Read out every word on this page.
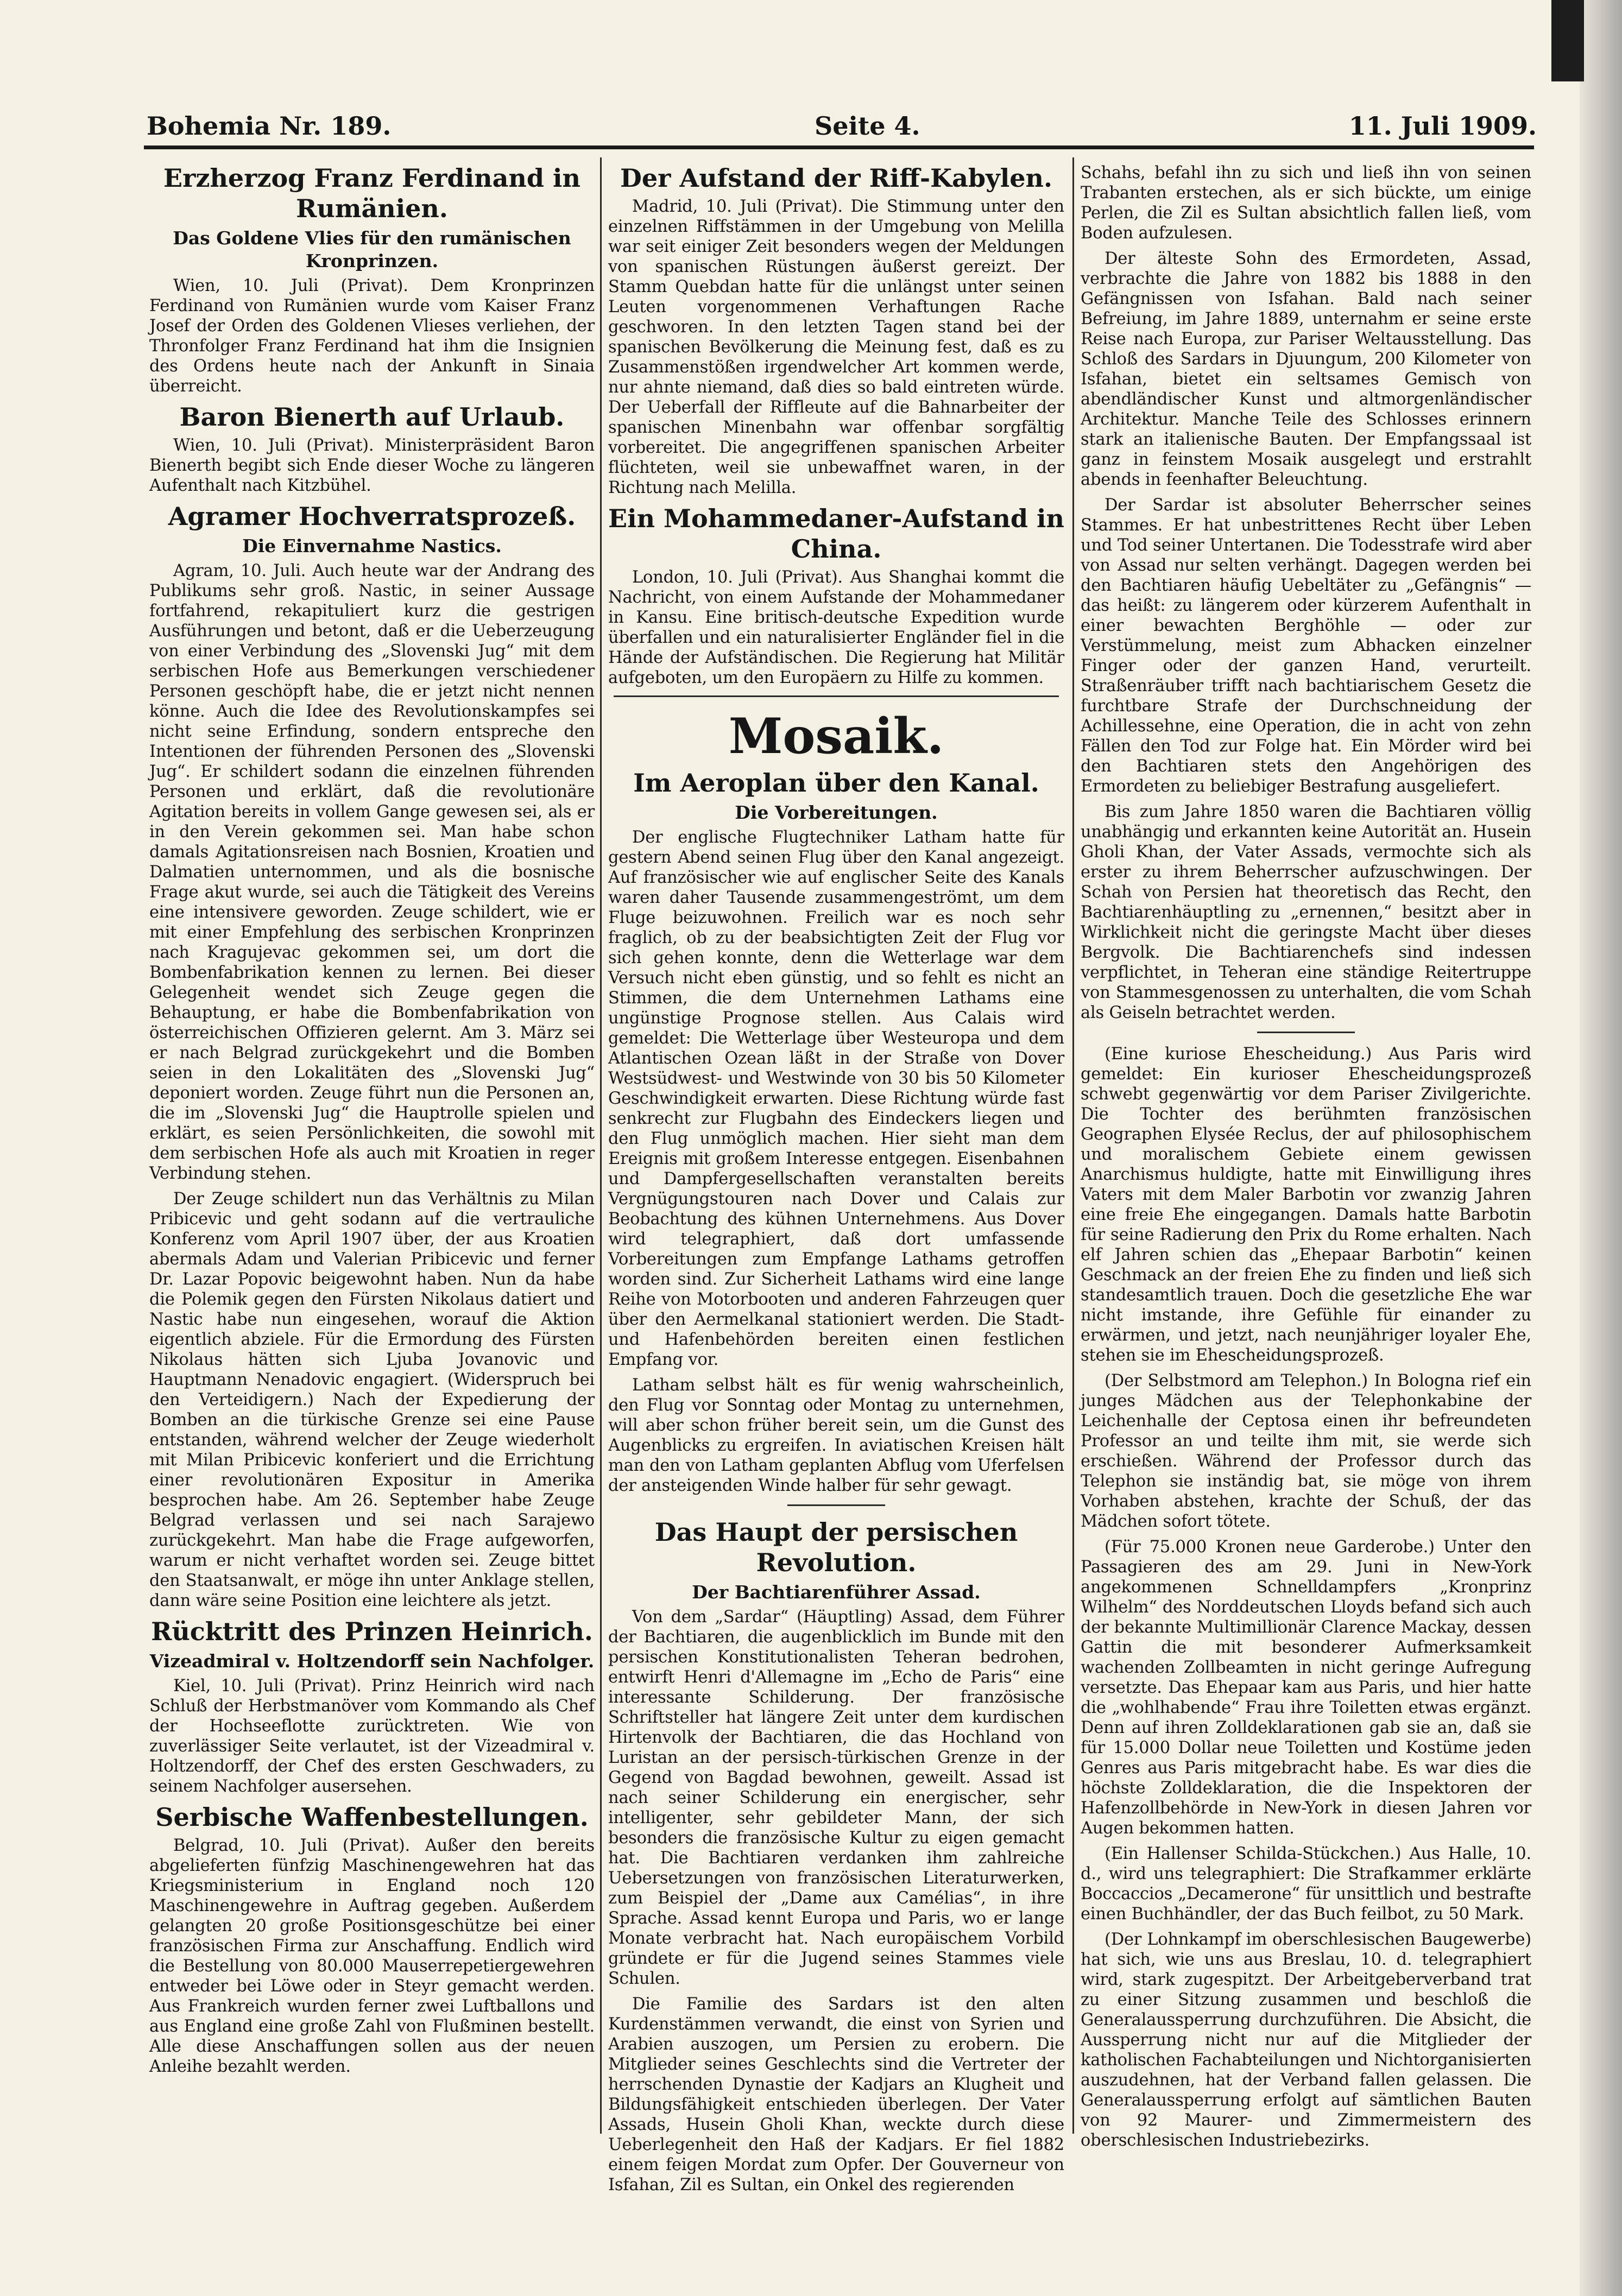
Bohemia Nr. 189.	Seite 4.	11. Juli 1909.
Erzherzog Franz Ferdinand in Rumänien.
Das Goldene Vlies für den rumänischen Kronprinzen.

Wien, 10. Juli (Privat). Dem Kronprinzen Ferdinand von Rumänien wurde vom Kaiser Franz Josef der Orden des Goldenen Vlieses verliehen, der Thronfolger Franz Ferdinand hat ihm die Insignien des Ordens heute nach der Ankunft in Sinaia überreicht.

Baron Bienerth auf Urlaub.

Wien, 10. Juli (Privat). Ministerpräsident Baron Bienerth begibt sich Ende dieser Woche zu längeren Aufenthalt nach Kitzbühel.

Agramer Hochverratsprozeß.
Die Einvernahme Nastics.

Agram, 10. Juli. Auch heute war der Andrang des Publikums sehr groß. Nastic, in seiner Aussage fortfahrend, rekapituliert kurz die gestrigen Ausführungen und betont, daß er die Ueberzeugung von einer Verbindung des „Slovenski Jug“ mit dem serbischen Hofe aus Bemerkungen verschiedener Personen geschöpft habe, die er jetzt nicht nennen könne. Auch die Idee des Revolutionskampfes sei nicht seine Erfindung, sondern entspreche den Intentionen der führenden Personen des „Slovenski Jug“. Er schildert sodann die einzelnen führenden Personen und erklärt, daß die revolutionäre Agitation bereits in vollem Gange gewesen sei, als er in den Verein gekommen sei. Man habe schon damals Agitationsreisen nach Bosnien, Kroatien und Dalmatien unternommen, und als die bosnische Frage akut wurde, sei auch die Tätigkeit des Vereins eine intensivere geworden. Zeuge schildert, wie er mit einer Empfehlung des serbischen Kronprinzen nach Kragujevac gekommen sei, um dort die Bombenfabrikation kennen zu lernen. Bei dieser Gelegenheit wendet sich Zeuge gegen die Behauptung, er habe die Bombenfabrikation von österreichischen Offizieren gelernt. Am 3. März sei er nach Belgrad zurückgekehrt und die Bomben seien in den Lokalitäten des „Slovenski Jug“ deponiert worden. Zeuge führt nun die Personen an, die im „Slovenski Jug“ die Hauptrolle spielen und erklärt, es seien Persönlichkeiten, die sowohl mit dem serbischen Hofe als auch mit Kroatien in reger Verbindung stehen.

Der Zeuge schildert nun das Verhältnis zu Milan Pribicevic und geht sodann auf die vertrauliche Konferenz vom April 1907 über, der aus Kroatien abermals Adam und Valerian Pribicevic und ferner Dr. Lazar Popovic beigewohnt haben. Nun da habe die Polemik gegen den Fürsten Nikolaus datiert und Nastic habe nun eingesehen, worauf die Aktion eigentlich abziele. Für die Ermordung des Fürsten Nikolaus hätten sich Ljuba Jovanovic und Hauptmann Nenadovic engagiert. (Widerspruch bei den Verteidigern.) Nach der Expedierung der Bomben an die türkische Grenze sei eine Pause entstanden, während welcher der Zeuge wiederholt mit Milan Pribicevic konferiert und die Errichtung einer revolutionären Expositur in Amerika besprochen habe. Am 26. September habe Zeuge Belgrad verlassen und sei nach Sarajewo zurückgekehrt. Man habe die Frage aufgeworfen, warum er nicht verhaftet worden sei. Zeuge bittet den Staatsanwalt, er möge ihn unter Anklage stellen, dann wäre seine Position eine leichtere als jetzt.

Rücktritt des Prinzen Heinrich.
Vizeadmiral v. Holtzendorff sein Nachfolger.

Kiel, 10. Juli (Privat). Prinz Heinrich wird nach Schluß der Herbstmanöver vom Kommando als Chef der Hochseeflotte zurücktreten. Wie von zuverlässiger Seite verlautet, ist der Vizeadmiral v. Holtzendorff, der Chef des ersten Geschwaders, zu seinem Nachfolger ausersehen.

Serbische Waffenbestellungen.

Belgrad, 10. Juli (Privat). Außer den bereits abgelieferten fünfzig Maschinengewehren hat das Kriegsministerium in England noch 120 Maschinengewehre in Auftrag gegeben. Außerdem gelangten 20 große Positionsgeschütze bei einer französischen Firma zur Anschaffung. Endlich wird die Bestellung von 80.000 Mauserrepetiergewehren entweder bei Löwe oder in Steyr gemacht werden. Aus Frankreich wurden ferner zwei Luftballons und aus England eine große Zahl von Flußminen bestellt. Alle diese Anschaffungen sollen aus der neuen Anleihe bezahlt werden.

Der Aufstand der Riff-Kabylen.

Madrid, 10. Juli (Privat). Die Stimmung unter den einzelnen Riffstämmen in der Umgebung von Melilla war seit einiger Zeit besonders wegen der Meldungen von spanischen Rüstungen äußerst gereizt. Der Stamm Quebdan hatte für die unlängst unter seinen Leuten vorgenommenen Verhaftungen Rache geschworen. In den letzten Tagen stand bei der spanischen Bevölkerung die Meinung fest, daß es zu Zusammenstößen irgendwelcher Art kommen werde, nur ahnte niemand, daß dies so bald eintreten würde. Der Ueberfall der Riffleute auf die Bahnarbeiter der spanischen Minenbahn war offenbar sorgfältig vorbereitet. Die angegriffenen spanischen Arbeiter flüchteten, weil sie unbewaffnet waren, in der Richtung nach Melilla.

Ein Mohammedaner-Aufstand in China.

London, 10. Juli (Privat). Aus Shanghai kommt die Nachricht, von einem Aufstande der Mohammedaner in Kansu. Eine britisch-deutsche Expedition wurde überfallen und ein naturalisierter Engländer fiel in die Hände der Aufständischen. Die Regierung hat Militär aufgeboten, um den Europäern zu Hilfe zu kommen.

Mosaik.
Im Aeroplan über den Kanal.
Die Vorbereitungen.

Der englische Flugtechniker Latham hatte für gestern Abend seinen Flug über den Kanal angezeigt. Auf französischer wie auf englischer Seite des Kanals waren daher Tausende zusammengeströmt, um dem Fluge beizuwohnen. Freilich war es noch sehr fraglich, ob zu der beabsichtigten Zeit der Flug vor sich gehen konnte, denn die Wetterlage war dem Versuch nicht eben günstig, und so fehlt es nicht an Stimmen, die dem Unternehmen Lathams eine ungünstige Prognose stellen. Aus Calais wird gemeldet: Die Wetterlage über Westeuropa und dem Atlantischen Ozean läßt in der Straße von Dover Westsüdwest- und Westwinde von 30 bis 50 Kilometer Geschwindigkeit erwarten. Diese Richtung würde fast senkrecht zur Flugbahn des Eindeckers liegen und den Flug unmöglich machen. Hier sieht man dem Ereignis mit großem Interesse entgegen. Eisenbahnen und Dampfergesellschaften veranstalten bereits Vergnügungstouren nach Dover und Calais zur Beobachtung des kühnen Unternehmens. Aus Dover wird telegraphiert, daß dort umfassende Vorbereitungen zum Empfange Lathams getroffen worden sind. Zur Sicherheit Lathams wird eine lange Reihe von Motorbooten und anderen Fahrzeugen quer über den Aermelkanal stationiert werden. Die Stadt- und Hafenbehörden bereiten einen festlichen Empfang vor.

Latham selbst hält es für wenig wahrscheinlich, den Flug vor Sonntag oder Montag zu unternehmen, will aber schon früher bereit sein, um die Gunst des Augenblicks zu ergreifen. In aviatischen Kreisen hält man den von Latham geplanten Abflug vom Uferfelsen der ansteigenden Winde halber für sehr gewagt.

Das Haupt der persischen Revolution.
Der Bachtiarenführer Assad.

Von dem „Sardar“ (Häuptling) Assad, dem Führer der Bachtiaren, die augenblicklich im Bunde mit den persischen Konstitutionalisten Teheran bedrohen, entwirft Henri d'Allemagne im „Echo de Paris“ eine interessante Schilderung. Der französische Schriftsteller hat längere Zeit unter dem kurdischen Hirtenvolk der Bachtiaren, die das Hochland von Luristan an der persisch-türkischen Grenze in der Gegend von Bagdad bewohnen, geweilt. Assad ist nach seiner Schilderung ein energischer, sehr intelligenter, sehr gebildeter Mann, der sich besonders die französische Kultur zu eigen gemacht hat. Die Bachtiaren verdanken ihm zahlreiche Uebersetzungen von französischen Literaturwerken, zum Beispiel der „Dame aux Camélias“, in ihre Sprache. Assad kennt Europa und Paris, wo er lange Monate verbracht hat. Nach europäischem Vorbild gründete er für die Jugend seines Stammes viele Schulen.

Die Familie des Sardars ist den alten Kurdenstämmen verwandt, die einst von Syrien und Arabien auszogen, um Persien zu erobern. Die Mitglieder seines Geschlechts sind die Vertreter der herrschenden Dynastie der Kadjars an Klugheit und Bildungsfähigkeit entschieden überlegen. Der Vater Assads, Husein Gholi Khan, weckte durch diese Ueberlegenheit den Haß der Kadjars. Er fiel 1882 einem feigen Mordat zum Opfer. Der Gouverneur von Isfahan, Zil es Sultan, ein Onkel des regierenden

Schahs, befahl ihn zu sich und ließ ihn von seinen Trabanten erstechen, als er sich bückte, um einige Perlen, die Zil es Sultan absichtlich fallen ließ, vom Boden aufzulesen.

Der älteste Sohn des Ermordeten, Assad, verbrachte die Jahre von 1882 bis 1888 in den Gefängnissen von Isfahan. Bald nach seiner Befreiung, im Jahre 1889, unternahm er seine erste Reise nach Europa, zur Pariser Weltausstellung. Das Schloß des Sardars in Djuungum, 200 Kilometer von Isfahan, bietet ein seltsames Gemisch von abendländischer Kunst und altmorgenländischer Architektur. Manche Teile des Schlosses erinnern stark an italienische Bauten. Der Empfangssaal ist ganz in feinstem Mosaik ausgelegt und erstrahlt abends in feenhafter Beleuchtung.

Der Sardar ist absoluter Beherrscher seines Stammes. Er hat unbestrittenes Recht über Leben und Tod seiner Untertanen. Die Todesstrafe wird aber von Assad nur selten verhängt. Dagegen werden bei den Bachtiaren häufig Uebeltäter zu „Gefängnis“ — das heißt: zu längerem oder kürzerem Aufenthalt in einer bewachten Berghöhle — oder zur Verstümmelung, meist zum Abhacken einzelner Finger oder der ganzen Hand, verurteilt. Straßenräuber trifft nach bachtiarischem Gesetz die furchtbare Strafe der Durchschneidung der Achillessehne, eine Operation, die in acht von zehn Fällen den Tod zur Folge hat. Ein Mörder wird bei den Bachtiaren stets den Angehörigen des Ermordeten zu beliebiger Bestrafung ausgeliefert.

Bis zum Jahre 1850 waren die Bachtiaren völlig unabhängig und erkannten keine Autorität an. Husein Gholi Khan, der Vater Assads, vermochte sich als erster zu ihrem Beherrscher aufzuschwingen. Der Schah von Persien hat theoretisch das Recht, den Bachtiarenhäuptling zu „ernennen,“ besitzt aber in Wirklichkeit nicht die geringste Macht über dieses Bergvolk. Die Bachtiarenchefs sind indessen verpflichtet, in Teheran eine ständige Reitertruppe von Stammesgenossen zu unterhalten, die vom Schah als Geiseln betrachtet werden.

(Eine kuriose Ehescheidung.) Aus Paris wird gemeldet: Ein kurioser Ehescheidungsprozeß schwebt gegenwärtig vor dem Pariser Zivilgerichte. Die Tochter des berühmten französischen Geographen Elysée Reclus, der auf philosophischem und moralischem Gebiete einem gewissen Anarchismus huldigte, hatte mit Einwilligung ihres Vaters mit dem Maler Barbotin vor zwanzig Jahren eine freie Ehe eingegangen. Damals hatte Barbotin für seine Radierung den Prix du Rome erhalten. Nach elf Jahren schien das „Ehepaar Barbotin“ keinen Geschmack an der freien Ehe zu finden und ließ sich standesamtlich trauen. Doch die gesetzliche Ehe war nicht imstande, ihre Gefühle für einander zu erwärmen, und jetzt, nach neunjähriger loyaler Ehe, stehen sie im Ehescheidungsprozeß.

(Der Selbstmord am Telephon.) In Bologna rief ein junges Mädchen aus der Telephonkabine der Leichenhalle der Ceptosa einen ihr befreundeten Professor an und teilte ihm mit, sie werde sich erschießen. Während der Professor durch das Telephon sie inständig bat, sie möge von ihrem Vorhaben abstehen, krachte der Schuß, der das Mädchen sofort tötete.

(Für 75.000 Kronen neue Garderobe.) Unter den Passagieren des am 29. Juni in New-York angekommenen Schnelldampfers „Kronprinz Wilhelm“ des Norddeutschen Lloyds befand sich auch der bekannte Multimillionär Clarence Mackay, dessen Gattin die mit besonderer Aufmerksamkeit wachenden Zollbeamten in nicht geringe Aufregung versetzte. Das Ehepaar kam aus Paris, und hier hatte die „wohlhabende“ Frau ihre Toiletten etwas ergänzt. Denn auf ihren Zolldeklarationen gab sie an, daß sie für 15.000 Dollar neue Toiletten und Kostüme jeden Genres aus Paris mitgebracht habe. Es war dies die höchste Zolldeklaration, die die Inspektoren der Hafenzollbehörde in New-York in diesen Jahren vor Augen bekommen hatten.

(Ein Hallenser Schilda-Stückchen.) Aus Halle, 10. d., wird uns telegraphiert: Die Strafkammer erklärte Boccaccios „Decamerone“ für unsittlich und bestrafte einen Buchhändler, der das Buch feilbot, zu 50 Mark.

(Der Lohnkampf im oberschlesischen Baugewerbe) hat sich, wie uns aus Breslau, 10. d. telegraphiert wird, stark zugespitzt. Der Arbeitgeberverband trat zu einer Sitzung zusammen und beschloß die Generalaussperrung durchzuführen. Die Absicht, die Aussperrung nicht nur auf die Mitglieder der katholischen Fachabteilungen und Nichtorganisierten auszudehnen, hat der Verband fallen gelassen. Die Generalaussperrung erfolgt auf sämtlichen Bauten von 92 Maurer- und Zimmermeistern des oberschlesischen Industriebezirks.
